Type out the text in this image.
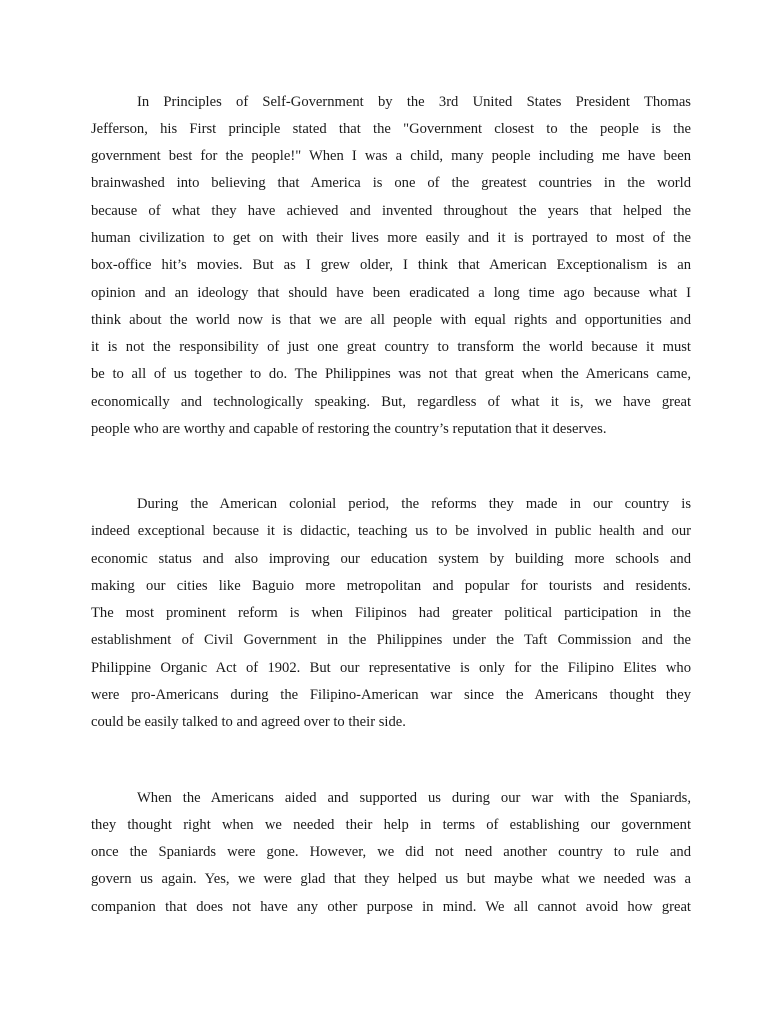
In Principles of Self-Government by the 3rd United States President Thomas
Jefferson, his First principle stated that the "Government closest to the people is the
government best for the people!" When I was a child, many people including me have been
brainwashed into believing that America is one of the greatest countries in the world
because of what they have achieved and invented throughout the years that helped the
human civilization to get on with their lives more easily and it is portrayed to most of the
box-office hit’s movies. But as I grew older, I think that American Exceptionalism is an
opinion and an ideology that should have been eradicated a long time ago because what I
think about the world now is that we are all people with equal rights and opportunities and
it is not the responsibility of just one great country to transform the world because it must
be to all of us together to do. The Philippines was not that great when the Americans came,
economically and technologically speaking. But, regardless of what it is, we have great
people who are worthy and capable of restoring the country’s reputation that it deserves.
During the American colonial period, the reforms they made in our country is
indeed exceptional because it is didactic, teaching us to be involved in public health and our
economic status and also improving our education system by building more schools and
making our cities like Baguio more metropolitan and popular for tourists and residents.
The most prominent reform is when Filipinos had greater political participation in the
establishment of Civil Government in the Philippines under the Taft Commission and the
Philippine Organic Act of 1902. But our representative is only for the Filipino Elites who
were pro-Americans during the Filipino-American war since the Americans thought they
could be easily talked to and agreed over to their side.
When the Americans aided and supported us during our war with the Spaniards,
they thought right when we needed their help in terms of establishing our government
once the Spaniards were gone. However, we did not need another country to rule and
govern us again. Yes, we were glad that they helped us but maybe what we needed was a
companion that does not have any other purpose in mind. We all cannot avoid how great
